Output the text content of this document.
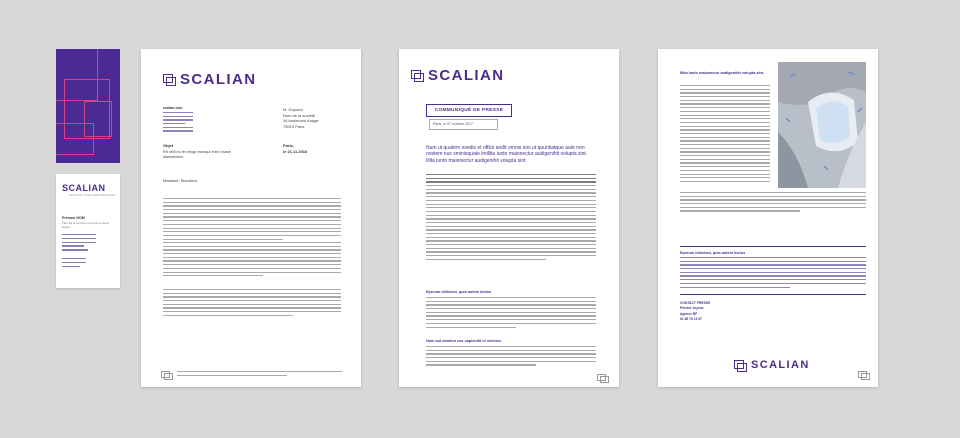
SCALIAN
SCALING YOUR PERFORMANCE
Prénom NOM
Titre de la fonction sur une ou deux lignes
SCALIAN
scalian.com	M. Dupond
Nom de la société
34 boulevard Anage
75013 Paris
Objet
Rit nihil eu fex feugi essequi enim iriuste diamsectem
Paris,
le 21.11.2016
Madame, Monsieur,
SCALIAN
COMMUNIQUÉ DE PRESSE
Paris, le 07 octobre 2017
Num ut quatem esedis et officii andit omnis nos ut quuntiatque aute non nostem nus sminisquate imillita iunto maionectur audigenihit volupta sint. Illita iunto maionectur audigenihit volupta sint.
Eperum nihicient, quis autem inctus
Num aut domino eos sapiendit re volenes
Illita iunto maionectur audigenihit volupta sint.
Eperum nihicient, quis autem inctus
CONTACT PRESSE
Perrine Joyeux
Agence RP
01 85 76 12 67
SCALIAN
